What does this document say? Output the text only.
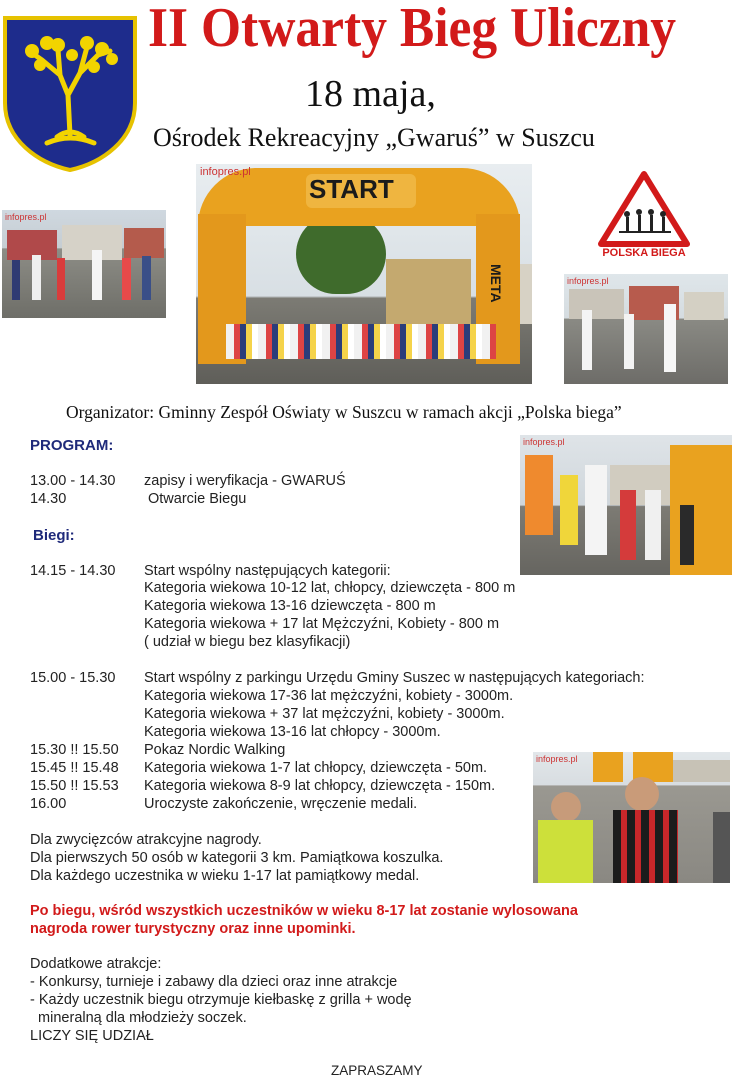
II Otwarty Bieg Uliczny
18 maja,
Ośrodek Rekreacyjny „Gwaruś” w Suszcu
infopres.pl
START
META
infopres.pl
POLSKA BIEGA
infopres.pl
Organizator: Gminny Zespół Oświaty w Suszcu w ramach akcji „Polska biega”
infopres.pl
infopres.pl
PROGRAM:
13.00 - 14.30 zapisy i weryfikacja - GWARUŚ
14.30	Otwarcie Biegu
Biegi:
14.15 - 14.30 Start wspólny następujących kategorii:
Kategoria wiekowa 10-12 lat, chłopcy, dziewczęta - 800 m
Kategoria wiekowa 13-16 dziewczęta - 800 m
Kategoria wiekowa + 17 lat Mężczyźni, Kobiety - 800 m
( udział w biegu bez klasyfikacji)
15.00 - 15.30 Start wspólny z parkingu Urzędu Gminy Suszec w następujących kategoriach:
Kategoria wiekowa 17-36 lat mężczyźni, kobiety - 3000m.
Kategoria wiekowa + 37 lat mężczyźni, kobiety - 3000m.
Kategoria wiekowa 13-16 lat chłopcy - 3000m.
15.30 !! 15.50 Pokaz Nordic Walking
15.45 !! 15.48 Kategoria wiekowa 1-7 lat chłopcy, dziewczęta - 50m.
15.50 !! 15.53 Kategoria wiekowa 8-9 lat chłopcy, dziewczęta - 150m.
16.00	Uroczyste zakończenie, wręczenie medali.
Dla zwycięzców atrakcyjne nagrody.
Dla pierwszych 50 osób w kategorii 3 km. Pamiątkowa koszulka.
Dla każdego uczestnika w wieku 1-17 lat pamiątkowy medal.
Po biegu, wśród wszystkich uczestników w wieku 8-17 lat zostanie wylosowana
nagroda rower turystyczny oraz inne upominki.
Dodatkowe atrakcje:
- Konkursy, turnieje i zabawy dla dzieci oraz inne atrakcje
- Każdy uczestnik biegu otrzymuje kiełbaskę z grilla + wodę
mineralną dla młodzieży soczek.
LICZY SIĘ UDZIAŁ
ZAPRASZAMY
